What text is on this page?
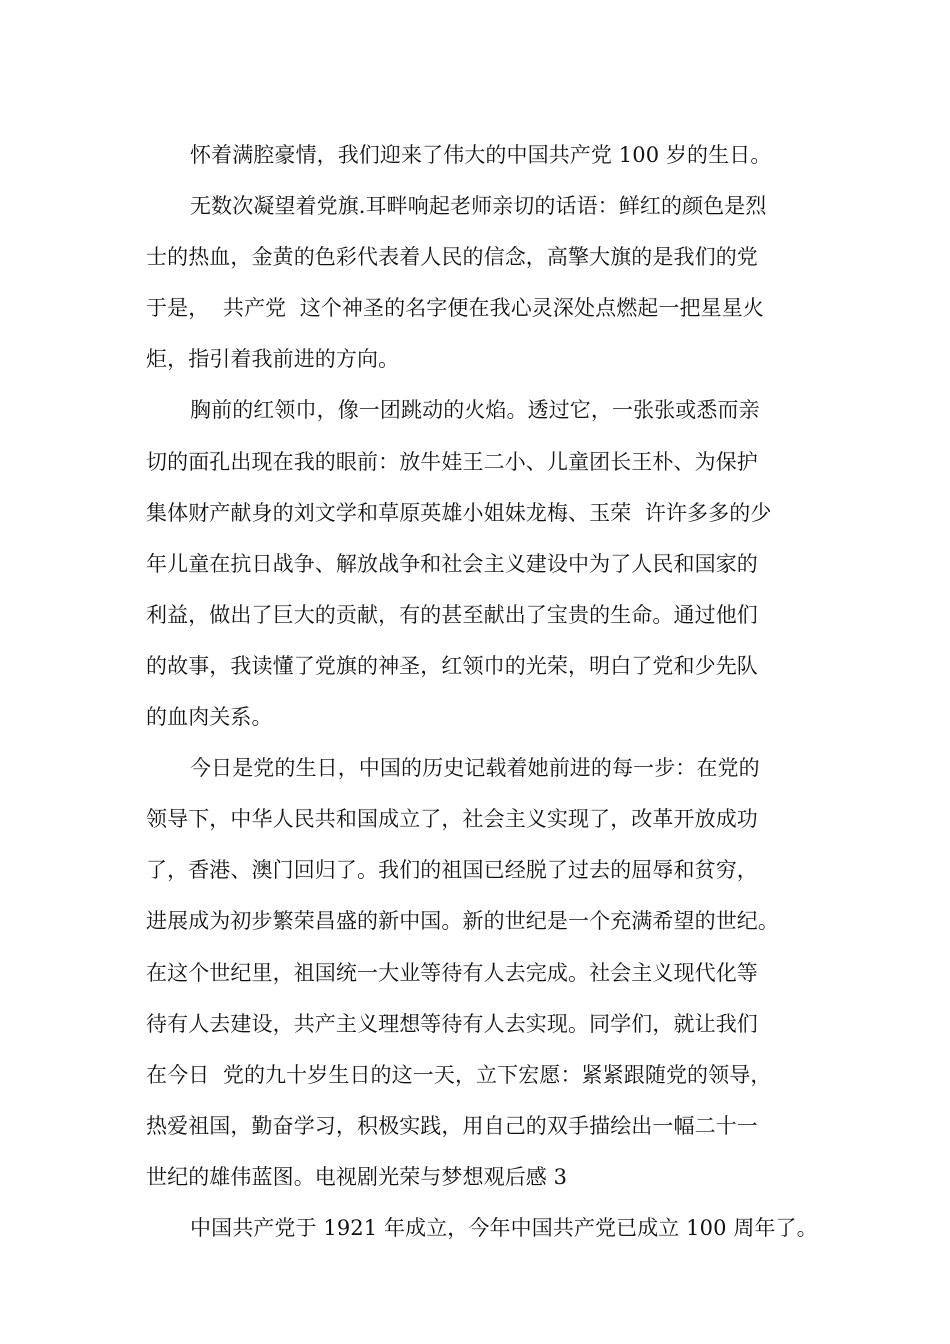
怀着满腔豪情，我们迎来了伟大的中国共产党 100 岁的生日。
无数次凝望着党旗.耳畔响起老师亲切的话语：鲜红的颜色是烈
士的热血，金黄的色彩代表着人民的信念，高擎大旗的是我们的党
于是，  共产党  这个神圣的名字便在我心灵深处点燃起一把星星火
炬，指引着我前进的方向。
胸前的红领巾，像一团跳动的火焰。透过它，一张张或悉而亲
切的面孔出现在我的眼前：放牛娃王二小、儿童团长王朴、为保护
集体财产献身的刘文学和草原英雄小姐妹龙梅、玉荣  许许多多的少
年儿童在抗日战争、解放战争和社会主义建设中为了人民和国家的
利益，做出了巨大的贡献，有的甚至献出了宝贵的生命。通过他们
的故事，我读懂了党旗的神圣，红领巾的光荣，明白了党和少先队
的血肉关系。
今日是党的生日，中国的历史记载着她前进的每一步：在党的
领导下，中华人民共和国成立了，社会主义实现了，改革开放成功
了，香港、澳门回归了。我们的祖国已经脱了过去的屈辱和贫穷，
进展成为初步繁荣昌盛的新中国。新的世纪是一个充满希望的世纪。
在这个世纪里，祖国统一大业等待有人去完成。社会主义现代化等
待有人去建设，共产主义理想等待有人去实现。同学们，就让我们
在今日  党的九十岁生日的这一天，立下宏愿：紧紧跟随党的领导，
热爱祖国，勤奋学习，积极实践，用自己的双手描绘出一幅二十一
世纪的雄伟蓝图。电视剧光荣与梦想观后感 3
中国共产党于 1921 年成立，今年中国共产党已成立 100 周年了。
